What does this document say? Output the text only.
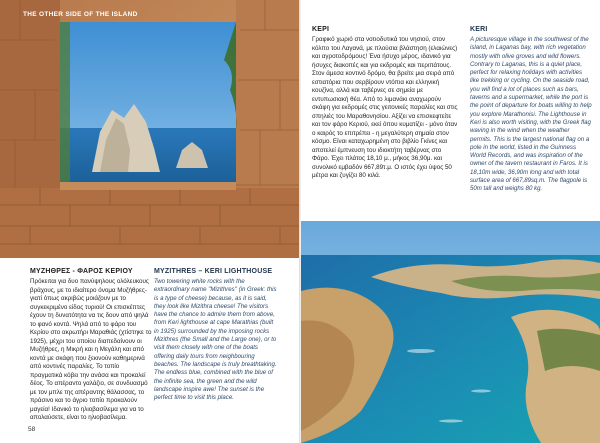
THE OTHER SIDE OF THE ISLAND

ΜΥΖΗΘΡΕΣ - ΦΑΡΟΣ ΚΕΡΙΟΥ

Πρόκειται για δυο πανύψηλους ολόλευκους βράχους, με το ιδιαίτερο όνομα Μυζήθρες- γιατί όπως ακριβώς μοιάζουν με το συγκεκριμένο είδος τυριού! Οι επισκέπτες έχουν τη δυνατότητα να τις δουν από ψηλά το φανό κοντά. Ψηλά από το φάρο του Κερίου στο ακρωτήρι Μαραθιάς (χτίστηκε το 1925), μέχρι του οποίου διαπεδαίνουν οι Μυζήθρες, η Μικρή και η Μεγάλη και από κοντά με σκάφη που ξεκινούν καθημερινά από κοντινές παραλίες. Το τοπίο πραγματικά κόβει την ανάσα και προκαλεί δέος. Το απέραντο γαλάζιο, σε συνδυασμό με τον μπλε της απέραντης θάλασσας, το πράσινο και το άγριο τοπίο προκαλούν μαγεία! Ιδανικό το ηλιοβασίλεμα για να το απολαύσετε, είναι το ηλιοβασίλεμα.

MYZITHRES – KERI LIGHTHOUSE

Two towering white rocks with the extraordinary name "Mizithres" (in Greek: this is a type of cheese) because, as it is said, they look like Mizithra cheese! The visitors have the chance to admire them from above, from Keri lighthouse at cape Marathias (built in 1925) surrounded by the imposing rocks Mizithres (the Small and the Large one), or to visit them closely with one of the boats offering daily tours from neighbouring beaches. The landscape is truly breathtaking. The endless blue, combined with the blue of the infinite sea, the green and the wild landscape inspire awe! The sunset is the perfect time to visit this place.

58

ΚΕΡΙ

Γραφικό χωριό στα νοτιοδυτικά του νησιού, στον κόλπο του Λαγανά, με πλούσια βλάστηση (ελαιώνες) και αγροτοδρόμους! Ένα ήσυχο μέρος, ιδανικό για ήσυχες διακοπές και για εκδρομές και περιπάτους. Στον άμεσα κοντινό δρόμο, θα βρείτε μια σειρά από εστιατόρια που σερβίρουν ντόπια και ελληνική κουζίνα, αλλά και ταβέρνες σε σημεία με εντυπωσιακή θέα. Από το λιμανάκι αναχωρούν σκάφη για εκδρομές στις γειτονικές παραλίες και στις σπηλιές του Μαραθονησίου. Αξίζει να επισκεφτείτε και τον φάρο Κεριού, εκεί όπου κυματίζει - μόνο όταν ο καιρός το επιτρέπει - η μεγαλύτερη σημαία στον κόσμο. Είναι καταχωρημένη στο βιβλίο Γκίνες και αποτελεί έμπνευση του ιδιοκτήτη ταβέρνας στο Φάρο. Έχει πλάτος 18,10 μ., μήκος 36,90μ. και συνολικό εμβαδόν 667,89τ.μ. Ο ιστός έχει ύψος 50 μέτρα και ζυγίζει 80 κιλά.

KERI

A picturesque village in the southwest of the island, in Laganas bay, with rich vegetation mostly with olive groves and wild flowers. Contrary to Laganas, this is a quiet place, perfect for relaxing holidays with activities like trekking or cycling. On the seaside road, you will find a lot of places such as bars, taverns and a supermarket, while the port is the point of departure for boats willing to help you explore Marathonisi. The Lighthouse in Keri is also worth visiting, with the Greek flag waving in the wind when the weather permits. This is the largest national flag on a pole in the world, listed in the Guinness World Records, and was inspiration of the owner of the tavern restaurant in Faros. It is 18,10m wide, 36,90m long and with total surface area of 667,89sq.m. The flagpole is 50m tall and weighs 80 kg.
